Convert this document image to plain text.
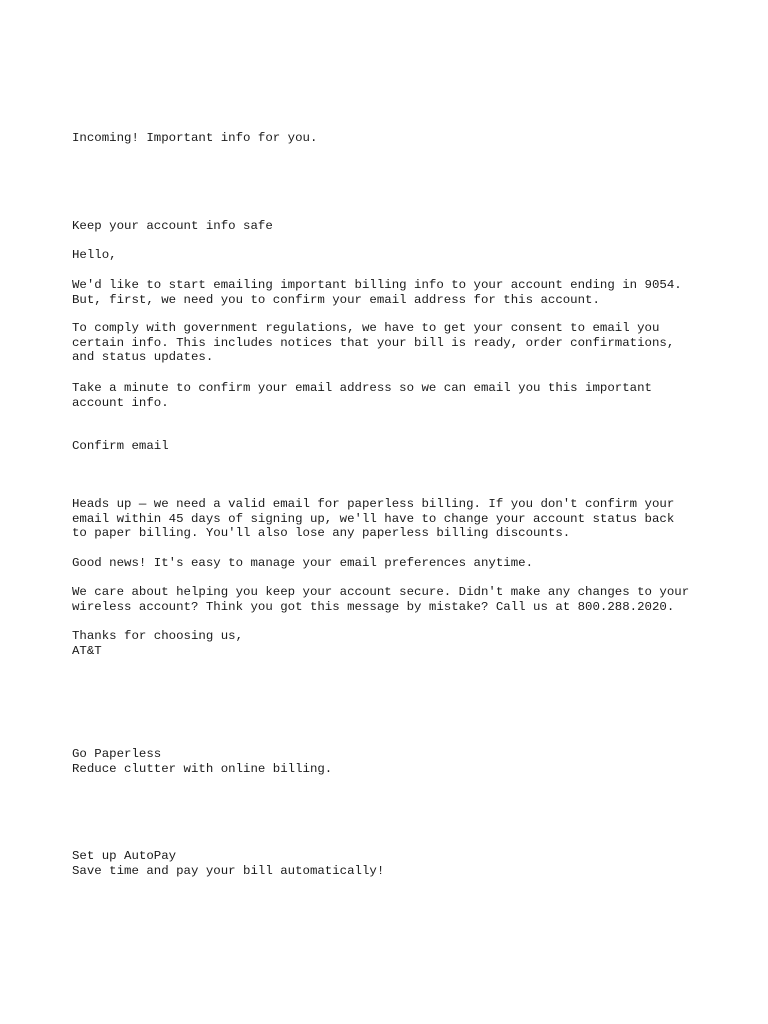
Incoming! Important info for you.
Keep your account info safe
Hello,
We'd like to start emailing important billing info to your account ending in 9054.
But, first, we need you to confirm your email address for this account.
To comply with government regulations, we have to get your consent to email you
certain info. This includes notices that your bill is ready, order confirmations,
and status updates.
Take a minute to confirm your email address so we can email you this important
account info.
Confirm email
Heads up — we need a valid email for paperless billing. If you don't confirm your
email within 45 days of signing up, we'll have to change your account status back
to paper billing. You'll also lose any paperless billing discounts.
Good news! It's easy to manage your email preferences anytime.
We care about helping you keep your account secure. Didn't make any changes to your
wireless account? Think you got this message by mistake? Call us at 800.288.2020.
Thanks for choosing us,
AT&T
Go Paperless
Reduce clutter with online billing.
Set up AutoPay
Save time and pay your bill automatically!
